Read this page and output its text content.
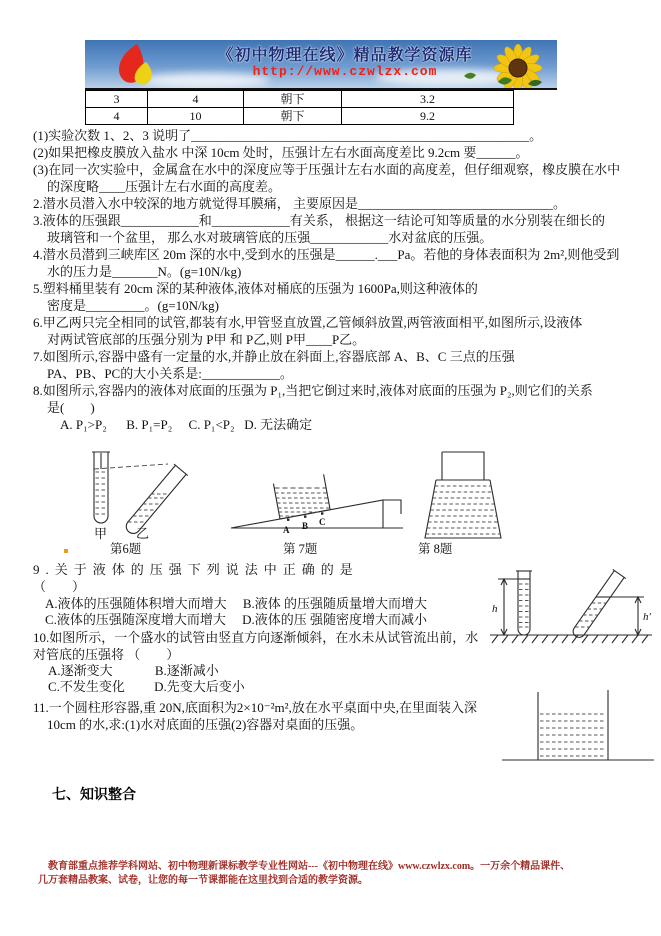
《初中物理在线》精品教学资源库
http://www.czwlzx.com
3	4	朝下	3.2
4	10	朝下	9.2
(1)实验次数 1、2、3 说明了____________________________________________________。
(2)如果把橡皮膜放入盐水 中深 10cm 处时，压强计左右水面高度差比 9.2cm 要______。
(3)在同一次实验中，金属盒在水中的深度应等于压强计左右水面的高度差，但仔细观察，橡皮膜在水中
的深度略____压强计左右水面的高度差。
2.潜水员潜入水中较深的地方就觉得耳膜痛， 主要原因是______________________________。
3.液体的压强跟____________和____________有关系， 根据这一结论可知等质量的水分别装在细长的
玻璃管和一个盆里， 那么水对玻璃管底的压强____________水对盆底的压强。
4.潜水员潜到三峡库区 20m 深的水中,受到水的压强是______.___Pa。若他的身体表面积为 2m²,则他受到
水的压力是_______N。(g=10N/kg)
5.塑料桶里装有 20cm 深的某种液体,液体对桶底的压强为 1600Pa,则这种液体的
密度是_________。(g=10N/kg)
6.甲乙两只完全相同的试管,都装有水,甲管竖直放置,乙管倾斜放置,两管液面相平,如图所示,设液体
对两试管底部的压强分别为 P甲 和 P乙,则 P甲____P乙。
7.如图所示,容器中盛有一定量的水,并静止放在斜面上,容器底部 A、B、C 三点的压强
PA、PB、PC的大小关系是:____________。
8.如图所示,容器内的液体对底面的压强为 P₁,当把它倒过来时,液体对底面的压强为 P₂,则它们的关系
是(        )
A. P₁>P₂      B. P₁=P₂     C. P₁<P₂   D. 无法确定
甲 乙	A B C
第6题	第 7题	第 8题
9.关于液体的压强下列说法中正确的是
（        ）
A.液体的压强随体积增大而增大　 B.液体 的压强随质量增大而增大
C.液体的压强随深度增大而增大　 D.液体的压 强随密度增大而减小
10.如图所示，一个盛水的试管由竖直方向逐渐倾斜，在水未从试管流出前，水
对管底的压强将 （        ）
A.逐渐变大　　　 B.逐渐减小
C.不发生变化　　 D.先变大后变小
h
h′
11.一个圆柱形容器,重 20N,底面积为2×10⁻²m²,放在水平桌面中央,在里面装入深
10cm 的水,求:(1)水对底面的压强(2)容器对桌面的压强。
七、知识整合
教育部重点推荐学科网站、初中物理新课标教学专业性网站---《初中物理在线》www.czwlzx.com。一万余个精品课件、
几万套精品教案、试卷，让您的每一节课都能在这里找到合适的教学资源。
